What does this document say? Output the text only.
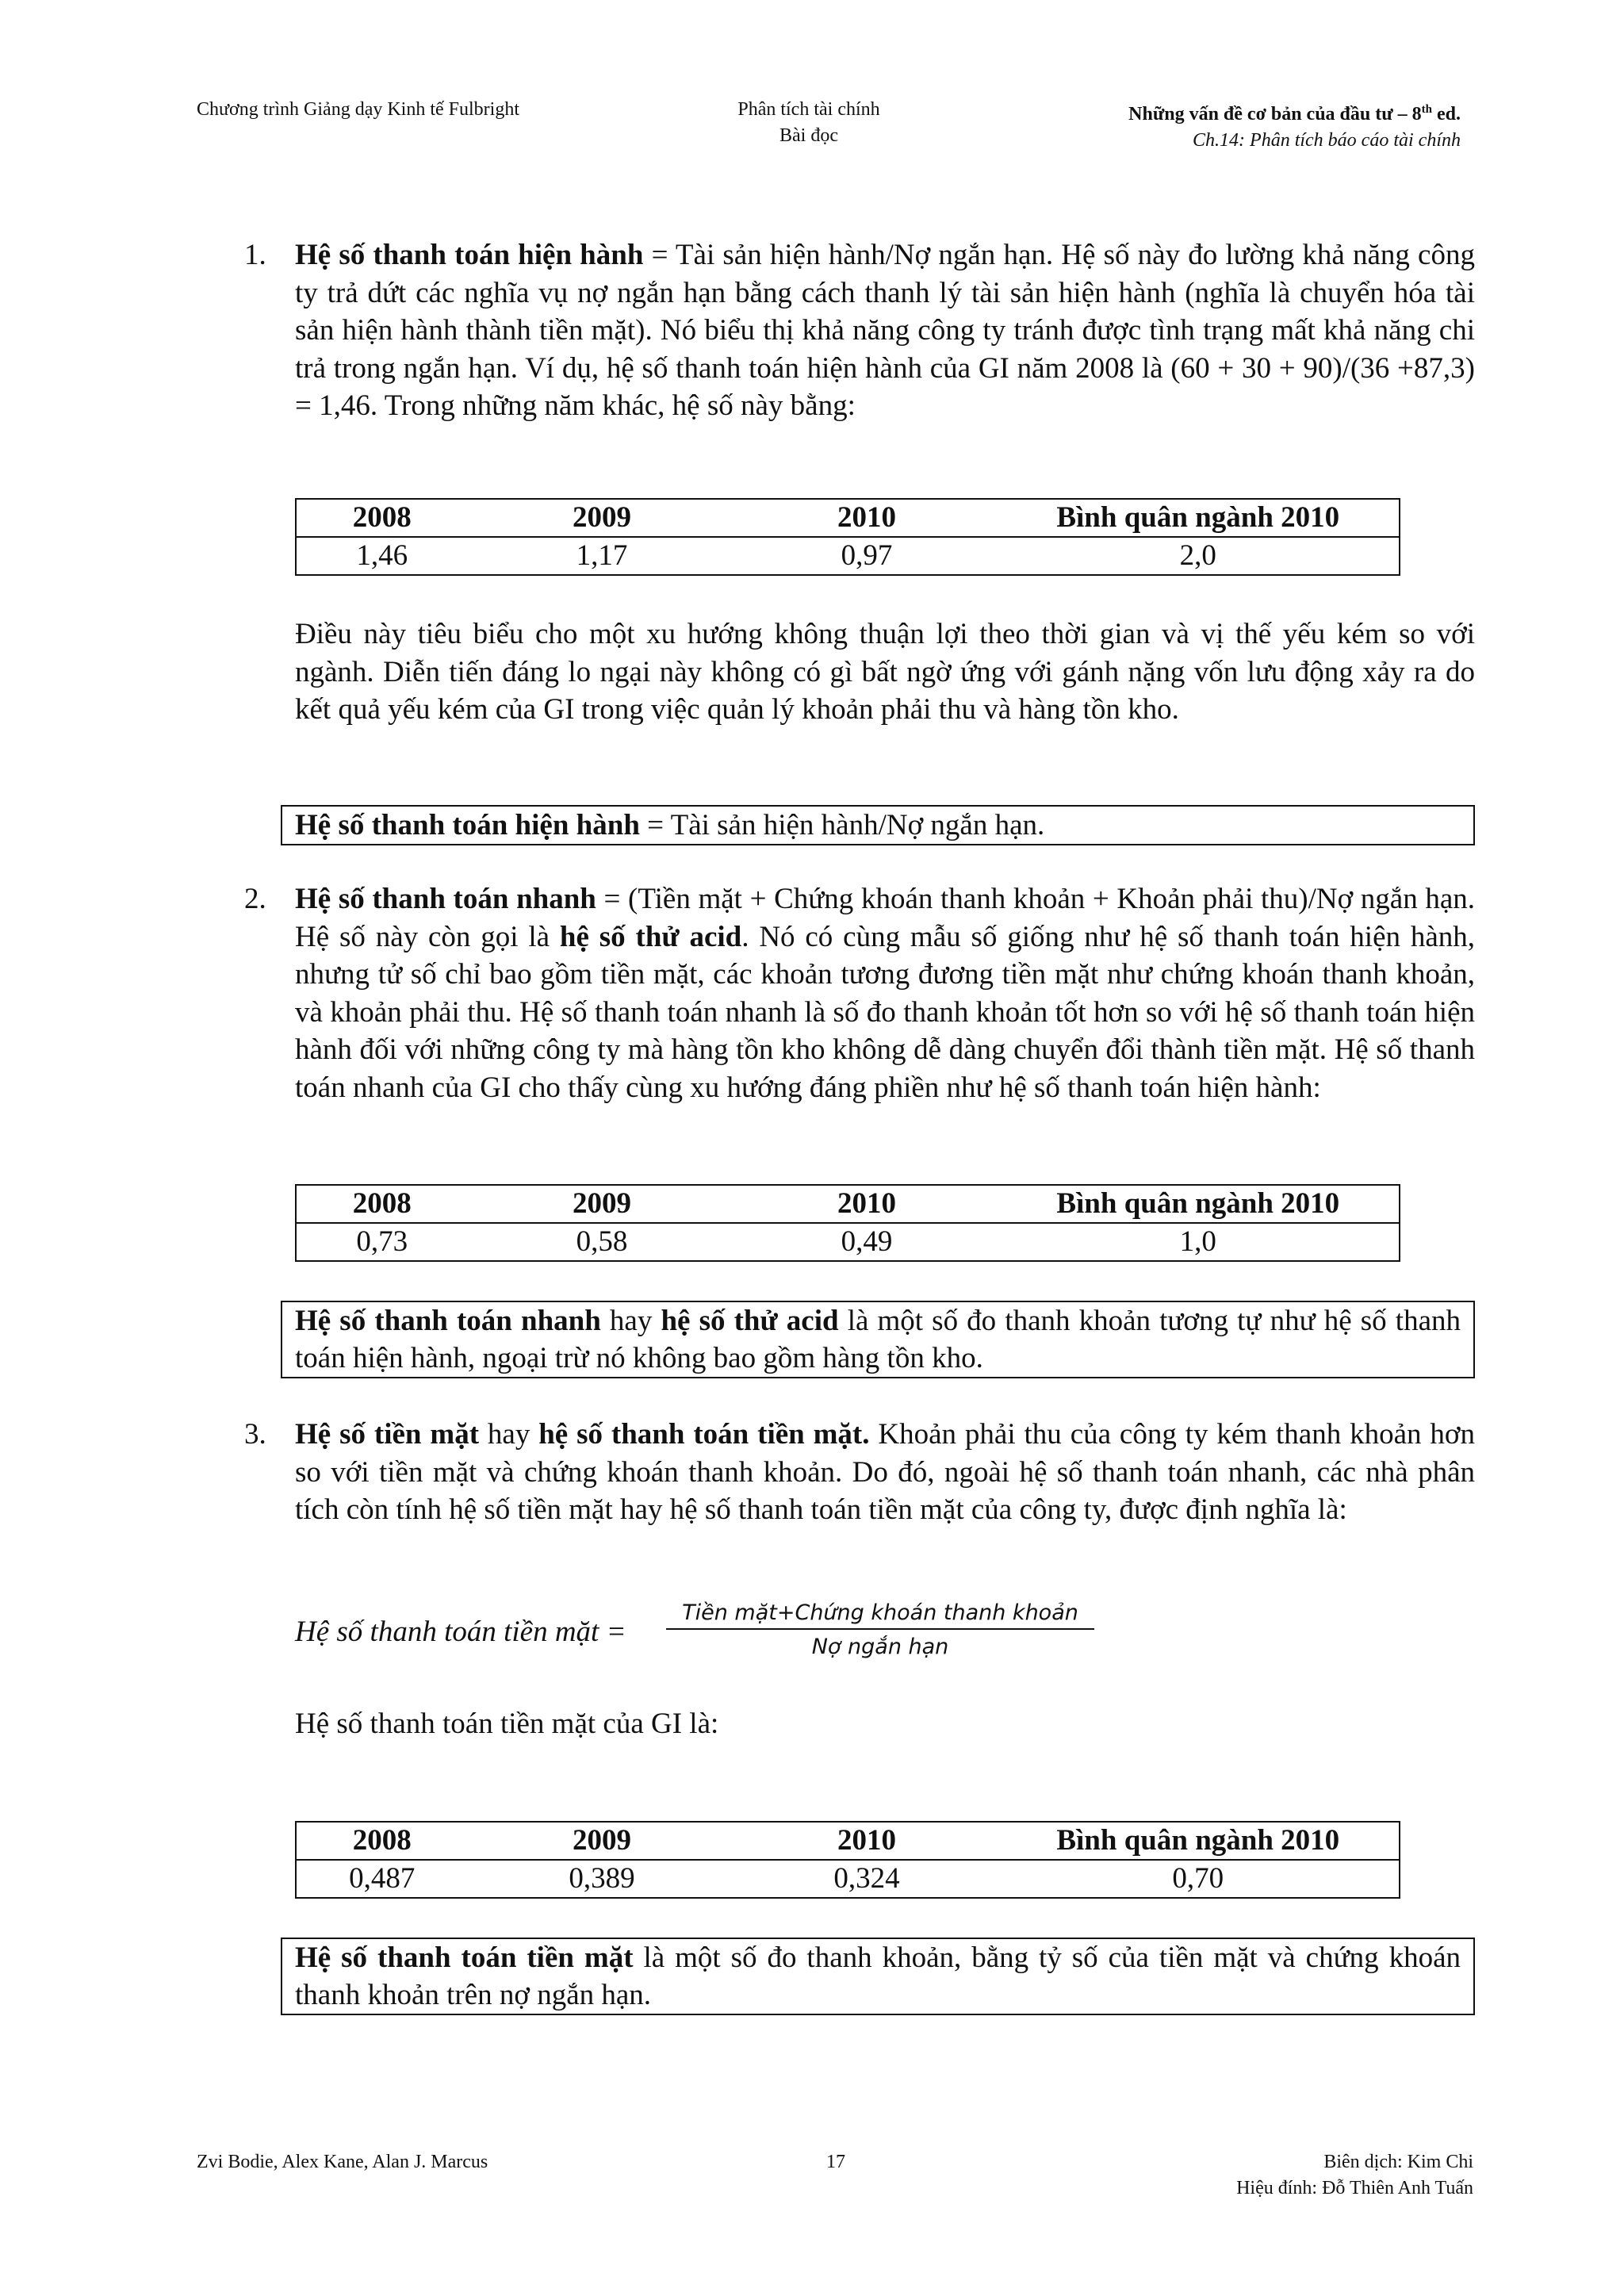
Chương trình Giảng dạy Kinh tế Fulbright	Phân tích tài chính
Bài đọc
Những vấn đề cơ bản của đầu tư – 8th ed.
Ch.14: Phân tích báo cáo tài chính
1. Hệ số thanh toán hiện hành = Tài sản hiện hành/Nợ ngắn hạn. Hệ số này đo lường khả năng công ty trả dứt các nghĩa vụ nợ ngắn hạn bằng cách thanh lý tài sản hiện hành (nghĩa là chuyển hóa tài sản hiện hành thành tiền mặt). Nó biểu thị khả năng công ty tránh được tình trạng mất khả năng chi trả trong ngắn hạn. Ví dụ, hệ số thanh toán hiện hành của GI năm 2008 là (60 + 30 + 90)/(36 +87,3) = 1,46. Trong những năm khác, hệ số này bằng:
2008	2009	2010	Bình quân ngành 2010
1,46	1,17	0,97	2,0
Điều này tiêu biểu cho một xu hướng không thuận lợi theo thời gian và vị thế yếu kém so với ngành. Diễn tiến đáng lo ngại này không có gì bất ngờ ứng với gánh nặng vốn lưu động xảy ra do kết quả yếu kém của GI trong việc quản lý khoản phải thu và hàng tồn kho.
Hệ số thanh toán hiện hành = Tài sản hiện hành/Nợ ngắn hạn.
2. Hệ số thanh toán nhanh = (Tiền mặt + Chứng khoán thanh khoản + Khoản phải thu)/Nợ ngắn hạn. Hệ số này còn gọi là hệ số thử acid. Nó có cùng mẫu số giống như hệ số thanh toán hiện hành, nhưng tử số chỉ bao gồm tiền mặt, các khoản tương đương tiền mặt như chứng khoán thanh khoản, và khoản phải thu. Hệ số thanh toán nhanh là số đo thanh khoản tốt hơn so với hệ số thanh toán hiện hành đối với những công ty mà hàng tồn kho không dễ dàng chuyển đổi thành tiền mặt. Hệ số thanh toán nhanh của GI cho thấy cùng xu hướng đáng phiền như hệ số thanh toán hiện hành:
2008	2009	2010	Bình quân ngành 2010
0,73	0,58	0,49	1,0
Hệ số thanh toán nhanh hay hệ số thử acid là một số đo thanh khoản tương tự như hệ số thanh toán hiện hành, ngoại trừ nó không bao gồm hàng tồn kho.
3. Hệ số tiền mặt hay hệ số thanh toán tiền mặt. Khoản phải thu của công ty kém thanh khoản hơn so với tiền mặt và chứng khoán thanh khoản. Do đó, ngoài hệ số thanh toán nhanh, các nhà phân tích còn tính hệ số tiền mặt hay hệ số thanh toán tiền mặt của công ty, được định nghĩa là:
Hệ số thanh toán tiền mặt =
Tiền mặt+Chứng khoán thanh khoản
Nợ ngắn hạn
Hệ số thanh toán tiền mặt của GI là:
2008	2009	2010	Bình quân ngành 2010
0,487	0,389	0,324	0,70
Hệ số thanh toán tiền mặt là một số đo thanh khoản, bằng tỷ số của tiền mặt và chứng khoán thanh khoản trên nợ ngắn hạn.
Zvi Bodie, Alex Kane, Alan J. Marcus	17	Biên dịch: Kim Chi
Hiệu đính: Đỗ Thiên Anh Tuấn
